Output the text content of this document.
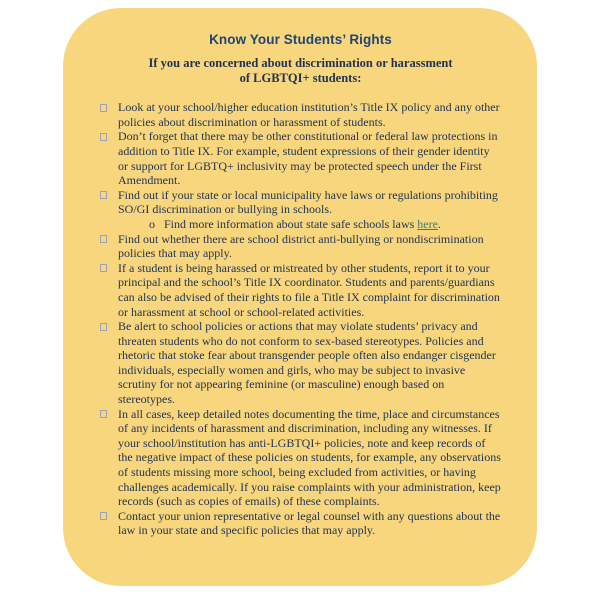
Know Your Students’ Rights
If you are concerned about discrimination or harassment
of LGBTQI+ students:
Look at your school/higher education institution’s Title IX policy and any other policies about discrimination or harassment of students.
Don’t forget that there may be other constitutional or federal law protections in addition to Title IX. For example, student expressions of their gender identity or support for LGBTQ+ inclusivity may be protected speech under the First Amendment.
Find out if your state or local municipality have laws or regulations prohibiting SO/GI discrimination or bullying in schools.
o Find more information about state safe schools laws here.
Find out whether there are school district anti-bullying or nondiscrimination policies that may apply.
If a student is being harassed or mistreated by other students, report it to your principal and the school’s Title IX coordinator. Students and parents/guardians can also be advised of their rights to file a Title IX complaint for discrimination or harassment at school or school-related activities.
Be alert to school policies or actions that may violate students’ privacy and threaten students who do not conform to sex-based stereotypes. Policies and rhetoric that stoke fear about transgender people often also endanger cisgender individuals, especially women and girls, who may be subject to invasive scrutiny for not appearing feminine (or masculine) enough based on stereotypes.
In all cases, keep detailed notes documenting the time, place and circumstances of any incidents of harassment and discrimination, including any witnesses. If your school/institution has anti-LGBTQI+ policies, note and keep records of the negative impact of these policies on students, for example, any observations of students missing more school, being excluded from activities, or having challenges academically. If you raise complaints with your administration, keep records (such as copies of emails) of these complaints.
Contact your union representative or legal counsel with any questions about the law in your state and specific policies that may apply.
